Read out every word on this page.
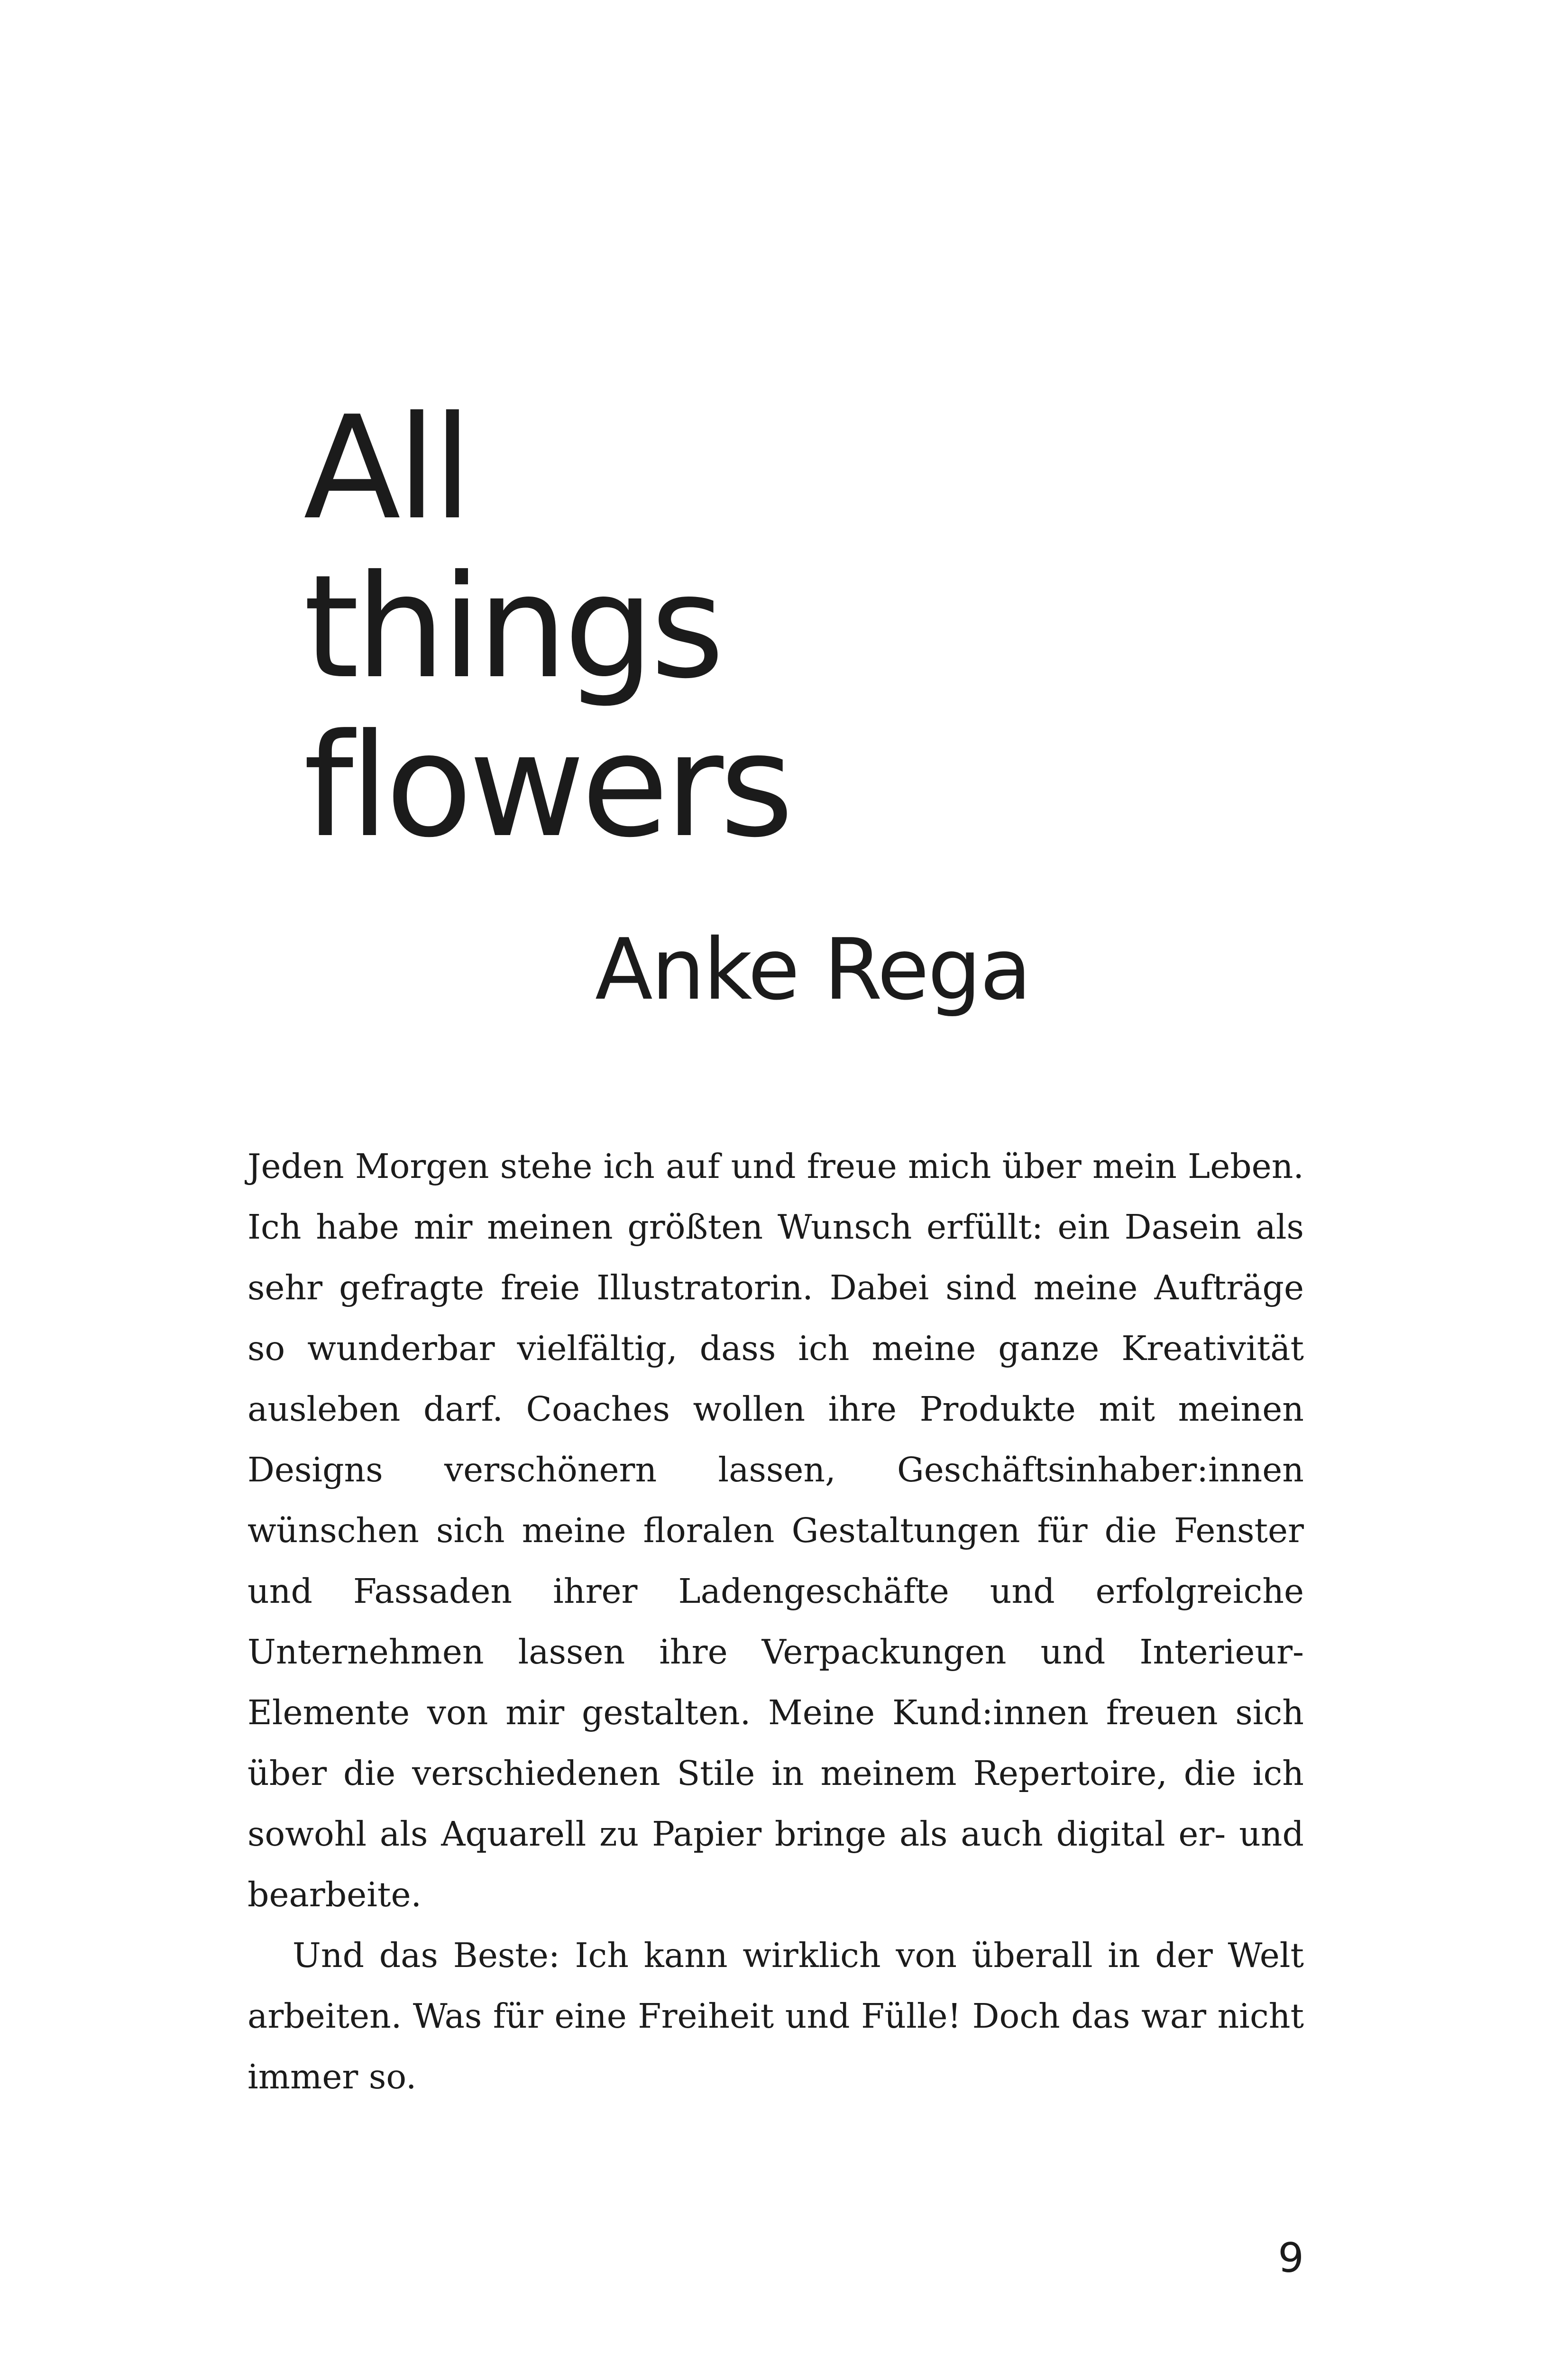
All
things
flowers
Anke Rega

Jeden Morgen stehe ich auf und freue mich über mein Leben. Ich habe mir meinen größten Wunsch erfüllt: ein Dasein als sehr gefragte freie Illustratorin. Dabei sind meine Aufträge so wunderbar vielfältig, dass ich meine ganze Kreativität ausleben darf. Coaches wollen ihre Produkte mit meinen Designs verschönern lassen, Geschäftsinhaber:innen wünschen sich meine floralen Gestaltungen für die Fenster und Fassaden ihrer Ladengeschäfte und erfolgreiche Unternehmen lassen ihre Verpackungen und Interieur-Elemente von mir gestalten. Meine Kund:innen freuen sich über die verschiedenen Stile in meinem Repertoire, die ich sowohl als Aquarell zu Papier bringe als auch digital er- und bearbeite.

Und das Beste: Ich kann wirklich von überall in der Welt arbeiten. Was für eine Freiheit und Fülle! Doch das war nicht immer so.

9
